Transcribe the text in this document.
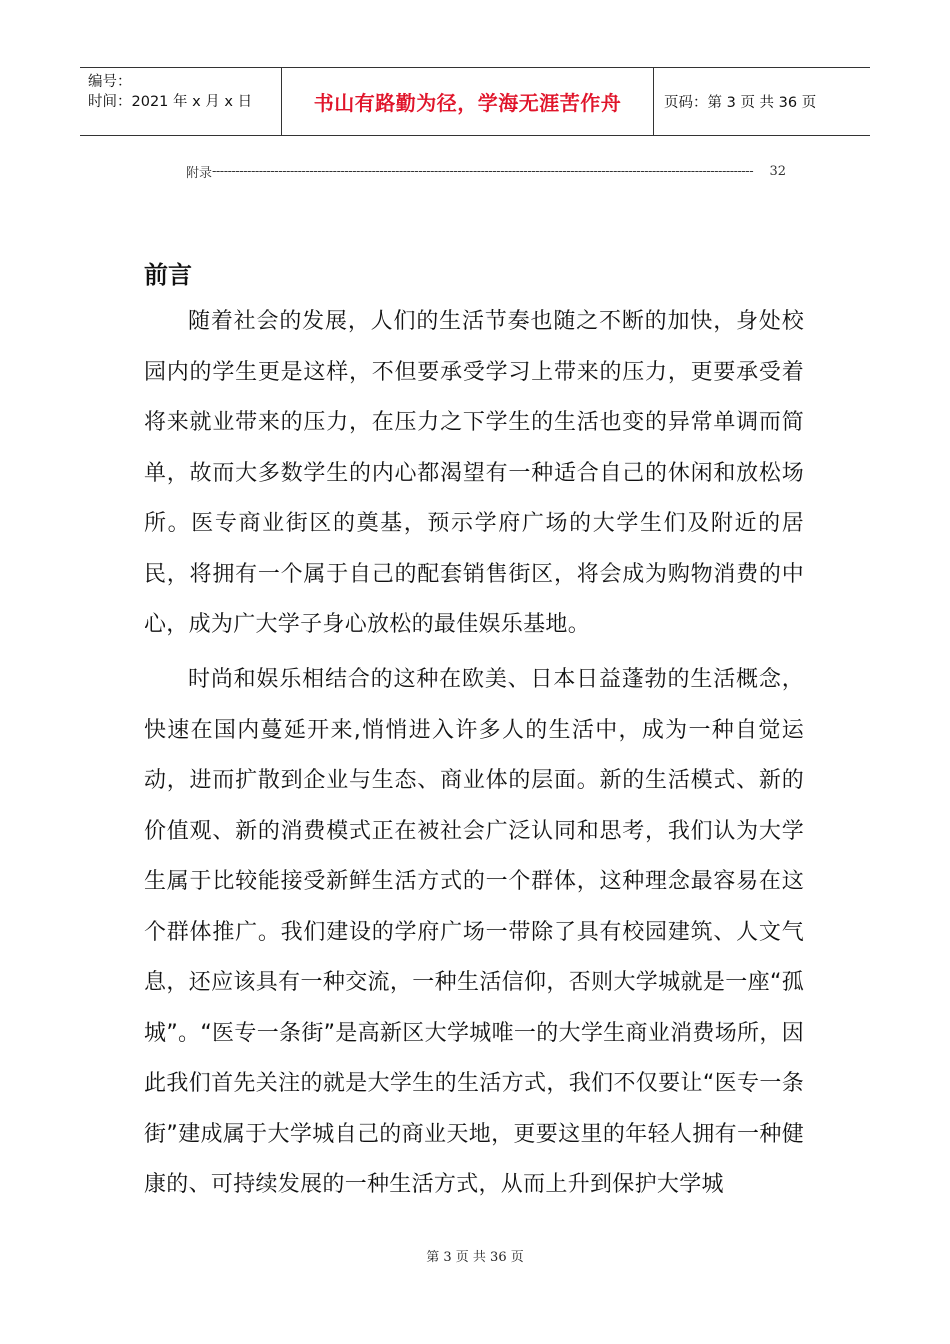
编号：
时间：2021 年 x 月 x 日	书山有路勤为径，学海无涯苦作舟	页码：第 3 页 共 36 页
附录 -------------------------------------------------------------------------------------------------------------------------------------------	32
前言

随着社会的发展，人们的生活节奏也随之不断的加快，身处校园内的学生更是这样，不但要承受学习上带来的压力，更要承受着将来就业带来的压力，在压力之下学生的生活也变的异常单调而简单，故而大多数学生的内心都渴望有一种适合自己的休闲和放松场所。医专商业街区的奠基，预示学府广场的大学生们及附近的居民，将拥有一个属于自己的配套销售街区，将会成为购物消费的中心，成为广大学子身心放松的最佳娱乐基地。

时尚和娱乐相结合的这种在欧美、日本日益蓬勃的生活概念，快速在国内蔓延开来,悄悄进入许多人的生活中，成为一种自觉运动，进而扩散到企业与生态、商业体的层面。新的生活模式、新的价值观、新的消费模式正在被社会广泛认同和思考，我们认为大学生属于比较能接受新鲜生活方式的一个群体，这种理念最容易在这个群体推广。我们建设的学府广场一带除了具有校园建筑、人文气息，还应该具有一种交流，一种生活信仰，否则大学城就是一座“孤城”。“医专一条街”是高新区大学城唯一的大学生商业消费场所，因此我们首先关注的就是大学生的生活方式，我们不仅要让“医专一条街”建成属于大学城自己的商业天地，更要这里的年轻人拥有一种健康的、可持续发展的一种生活方式，从而上升到保护大学城

第 3 页 共 36 页
